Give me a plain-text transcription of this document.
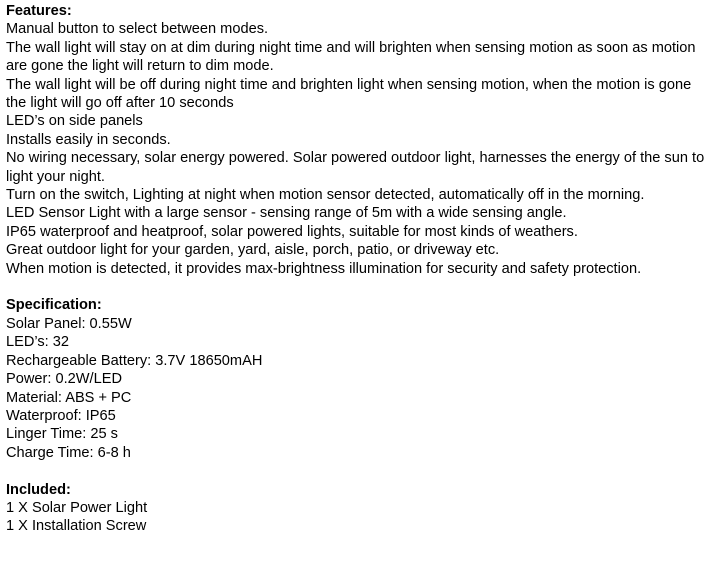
Features:
Manual button to select between modes.
The wall light will stay on at dim during night time and will brighten when sensing motion as soon as motion are gone the light will return to dim mode.
The wall light will be off during night time and brighten light when sensing motion, when the motion is gone the light will go off after 10 seconds
LED’s on side panels
Installs easily in seconds.
No wiring necessary, solar energy powered. Solar powered outdoor light, harnesses the energy of the sun to light your night.
Turn on the switch, Lighting at night when motion sensor detected, automatically off in the morning.
LED Sensor Light with a large sensor - sensing range of 5m with a wide sensing angle.
IP65 waterproof and heatproof, solar powered lights, suitable for most kinds of weathers.
Great outdoor light for your garden, yard, aisle, porch, patio, or driveway etc.
When motion is detected, it provides max-brightness illumination for security and safety protection.
Specification:
Solar Panel: 0.55W
LED’s: 32
Rechargeable Battery: 3.7V 18650mAH
Power: 0.2W/LED
Material: ABS + PC
Waterproof: IP65
Linger Time: 25 s
Charge Time: 6-8 h
Included:
1 X Solar Power Light
1 X Installation Screw
